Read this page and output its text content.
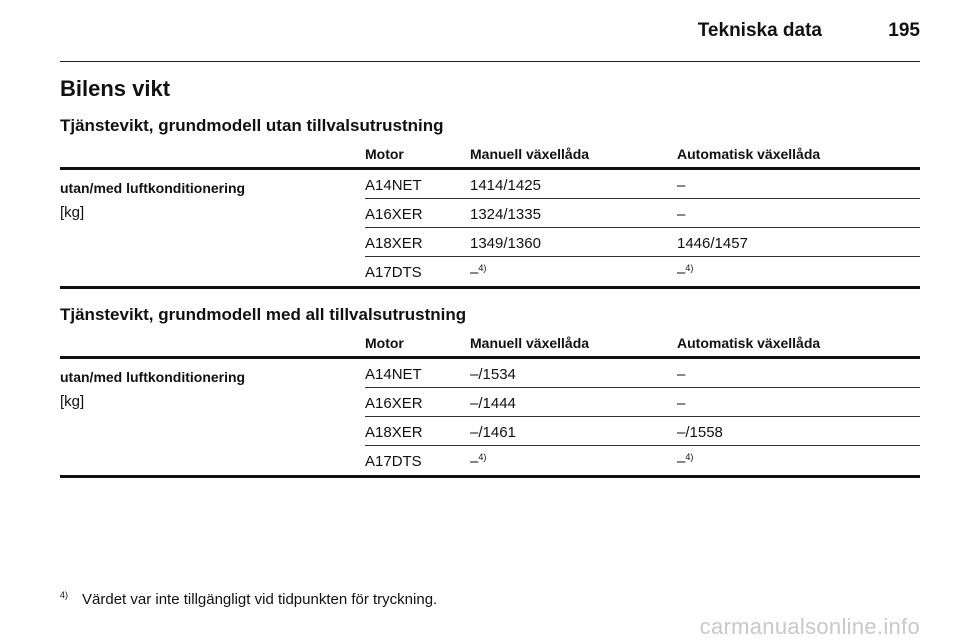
Tekniska data	195
Bilens vikt
Tjänstevikt, grundmodell utan tillvalsutrustning
Motor	Manuell växellåda	Automatisk växellåda
utan/med luftkonditionering
[kg]
A14NET	1414/1425	–
A16XER	1324/1335	–
A18XER	1349/1360	1446/1457
A17DTS	–$^{4)}$	–$^{4)}$
Tjänstevikt, grundmodell med all tillvalsutrustning
Motor	Manuell växellåda	Automatisk växellåda
utan/med luftkonditionering
[kg]
A14NET	–/1534	–
A16XER	–/1444	–
A18XER	–/1461	–/1558
A17DTS	–$^{4)}$	–$^{4)}$
$^{4)}$ Värdet var inte tillgängligt vid tidpunkten för tryckning.
carmanualsonline.info
